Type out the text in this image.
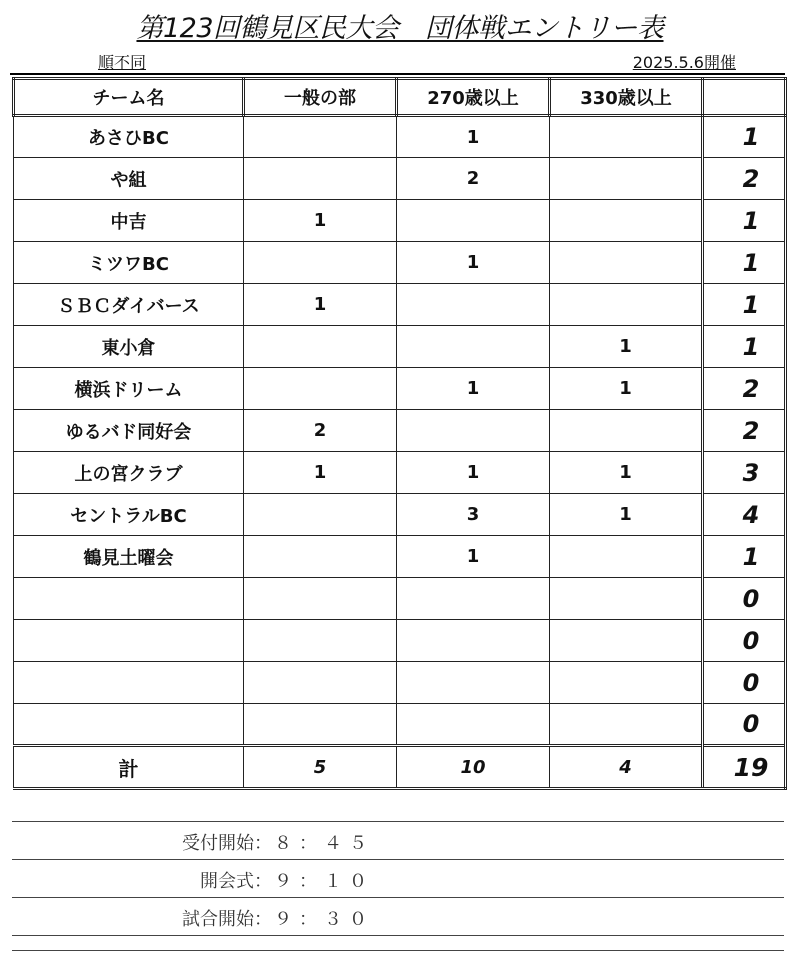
第123回鶴見区民大会　団体戦エントリー表
順不同	2025.5.6開催
チーム名	一般の部	270歳以上	330歳以上	
あさひBC		1		1
や組		2		2
中吉	1			1
ミツワBC		1		1
ＳＢＣダイバース	1			1
東小倉			1	1
横浜ドリーム		1	1	2
ゆるバド同好会	2			2
上の宮クラブ	1	1	1	3
セントラルBC		3	1	4
鶴見土曜会		1		1
				0
				0
				0
				0
計	5	10	4	19
受付開始： ８：４５
開会式： ９：１０
試合開始： ９：３０
